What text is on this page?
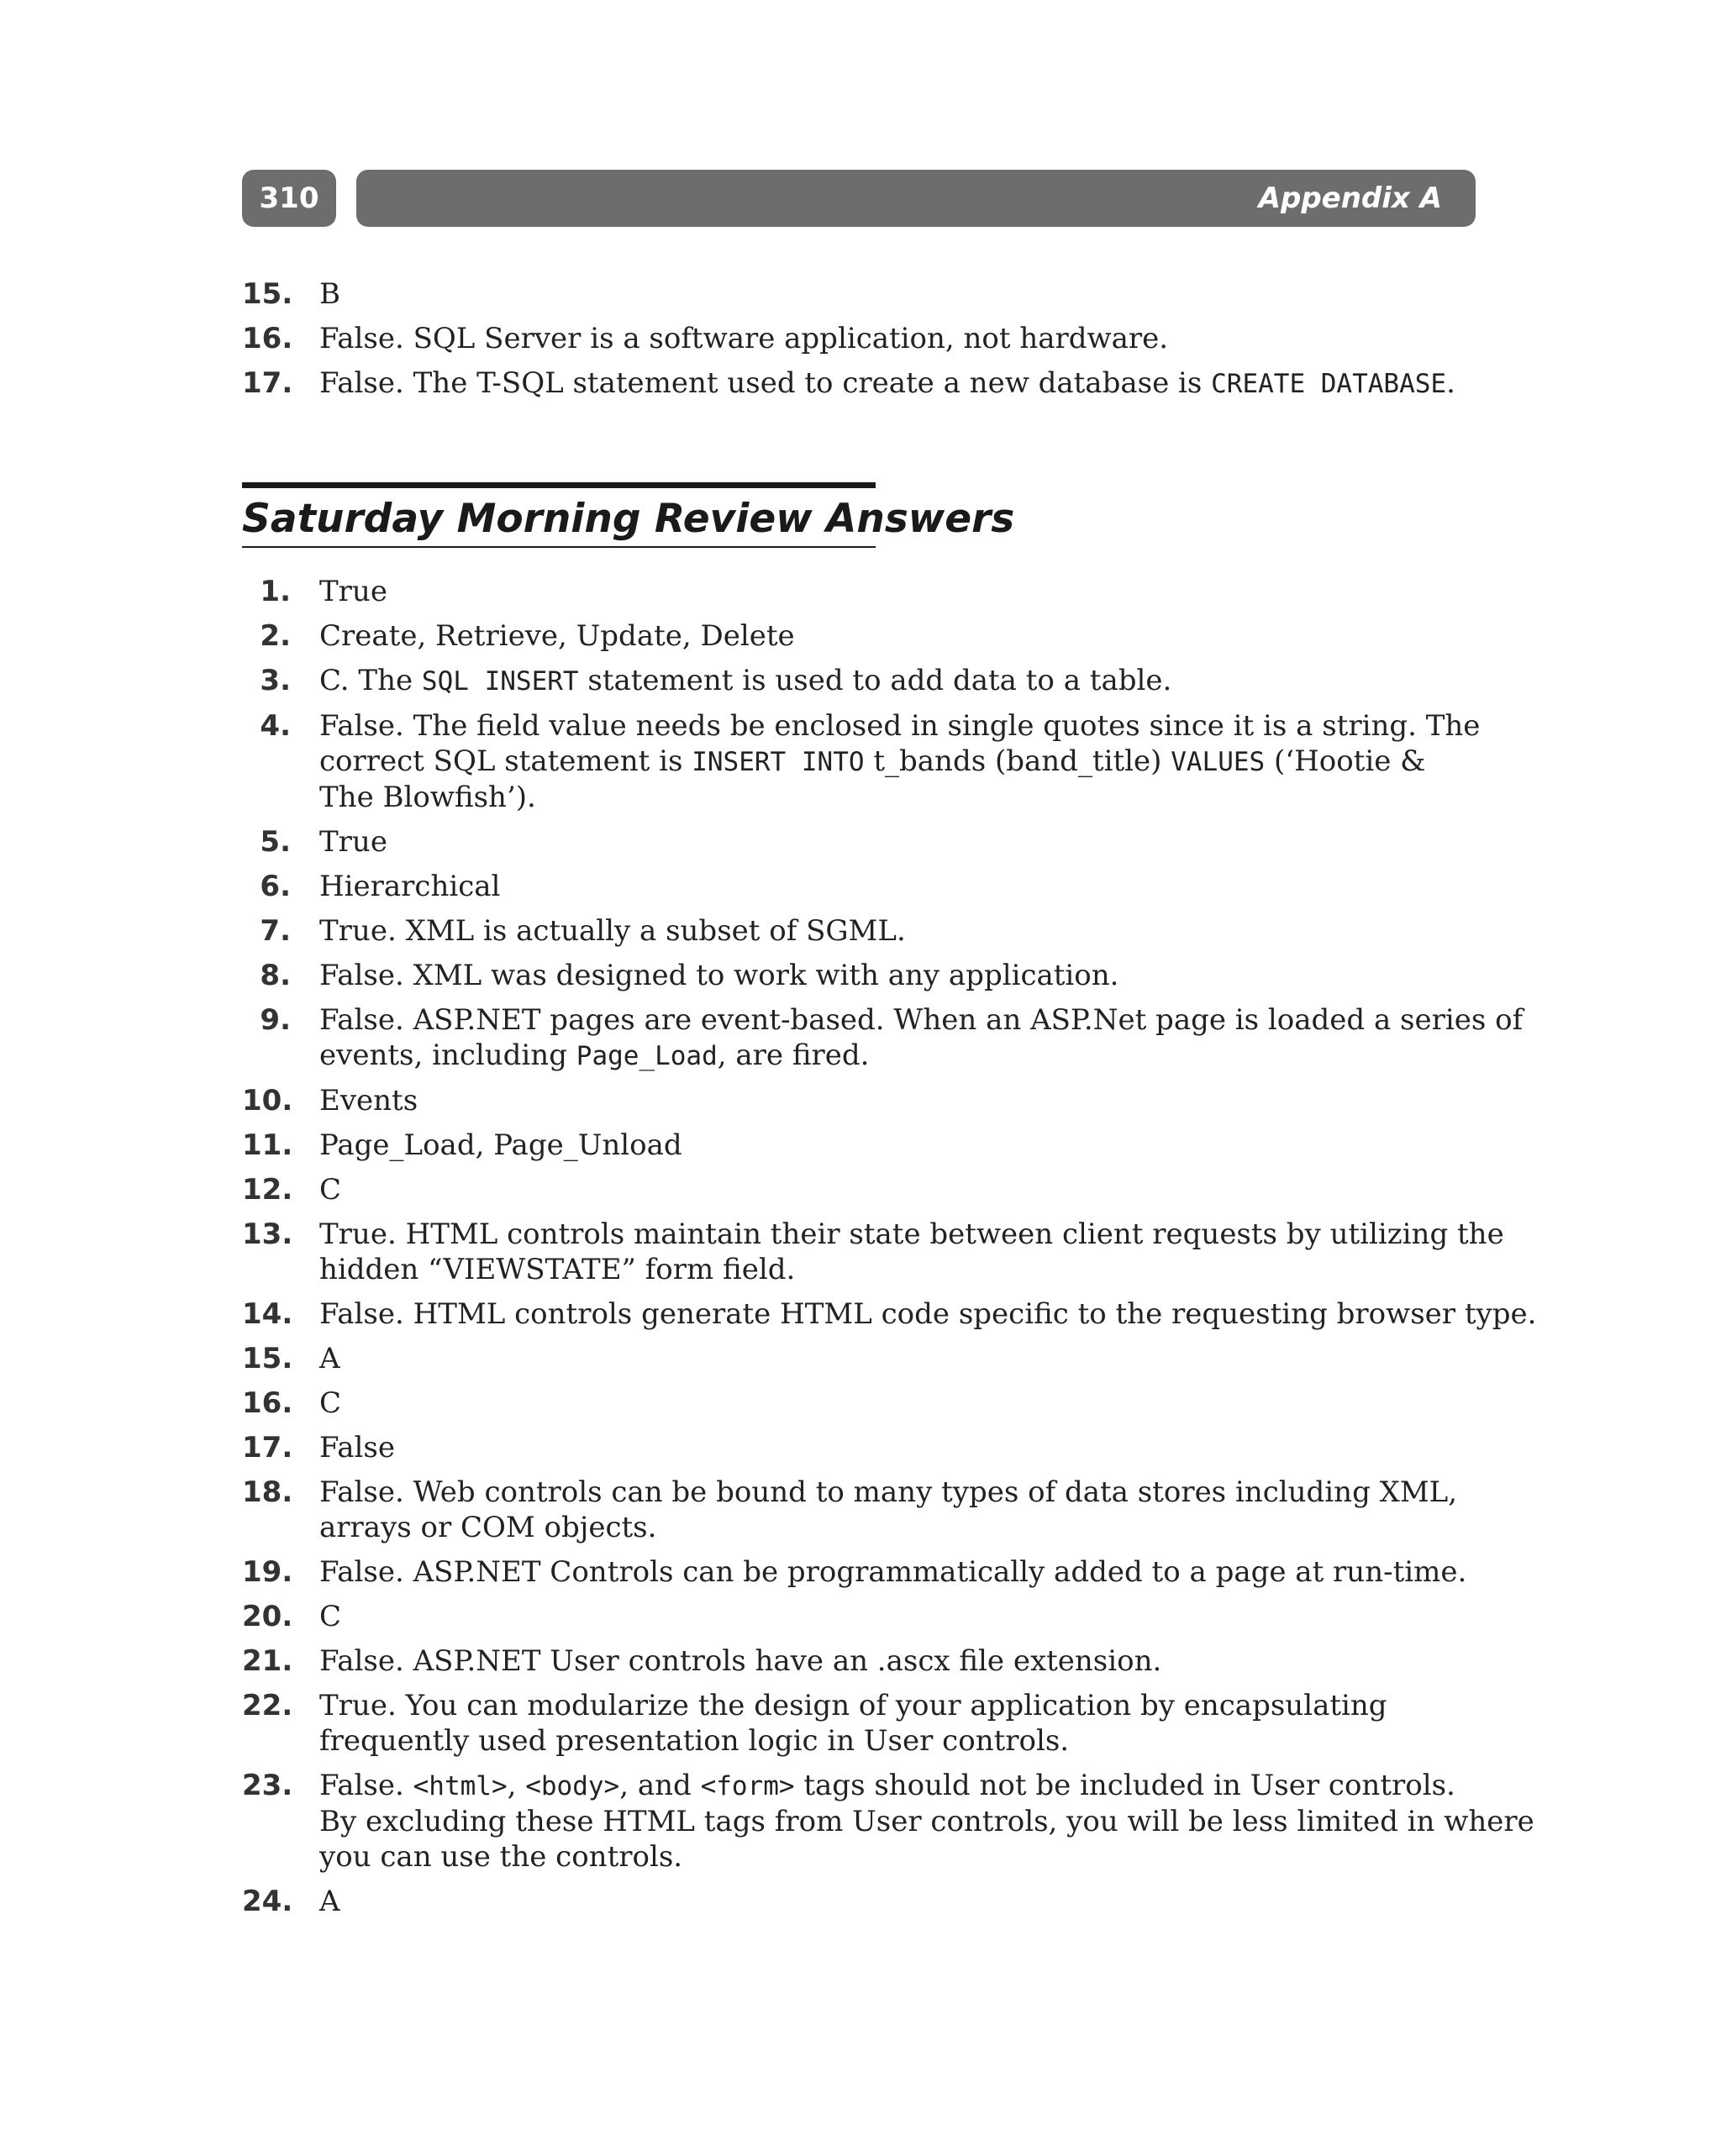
310	Appendix A
15. B
16. False. SQL Server is a software application, not hardware.
17. False. The T-SQL statement used to create a new database is CREATE DATABASE.
Saturday Morning Review Answers
1. True
2. Create, Retrieve, Update, Delete
3. C. The SQL INSERT statement is used to add data to a table.
4. False. The field value needs be enclosed in single quotes since it is a string. The
correct SQL statement is INSERT INTO t_bands (band_title) VALUES (‘Hootie &
The Blowfish’).
5. True
6. Hierarchical
7. True. XML is actually a subset of SGML.
8. False. XML was designed to work with any application.
9. False. ASP.NET pages are event-based. When an ASP.Net page is loaded a series of
events, including Page_Load, are fired.
10. Events
11. Page_Load, Page_Unload
12. C
13. True. HTML controls maintain their state between client requests by utilizing the
hidden “VIEWSTATE” form field.
14. False. HTML controls generate HTML code specific to the requesting browser type.
15. A
16. C
17. False
18. False. Web controls can be bound to many types of data stores including XML,
arrays or COM objects.
19. False. ASP.NET Controls can be programmatically added to a page at run-time.
20. C
21. False. ASP.NET User controls have an .ascx file extension.
22. True. You can modularize the design of your application by encapsulating
frequently used presentation logic in User controls.
23. False. <html>, <body>, and <form> tags should not be included in User controls.
By excluding these HTML tags from User controls, you will be less limited in where
you can use the controls.
24. A
